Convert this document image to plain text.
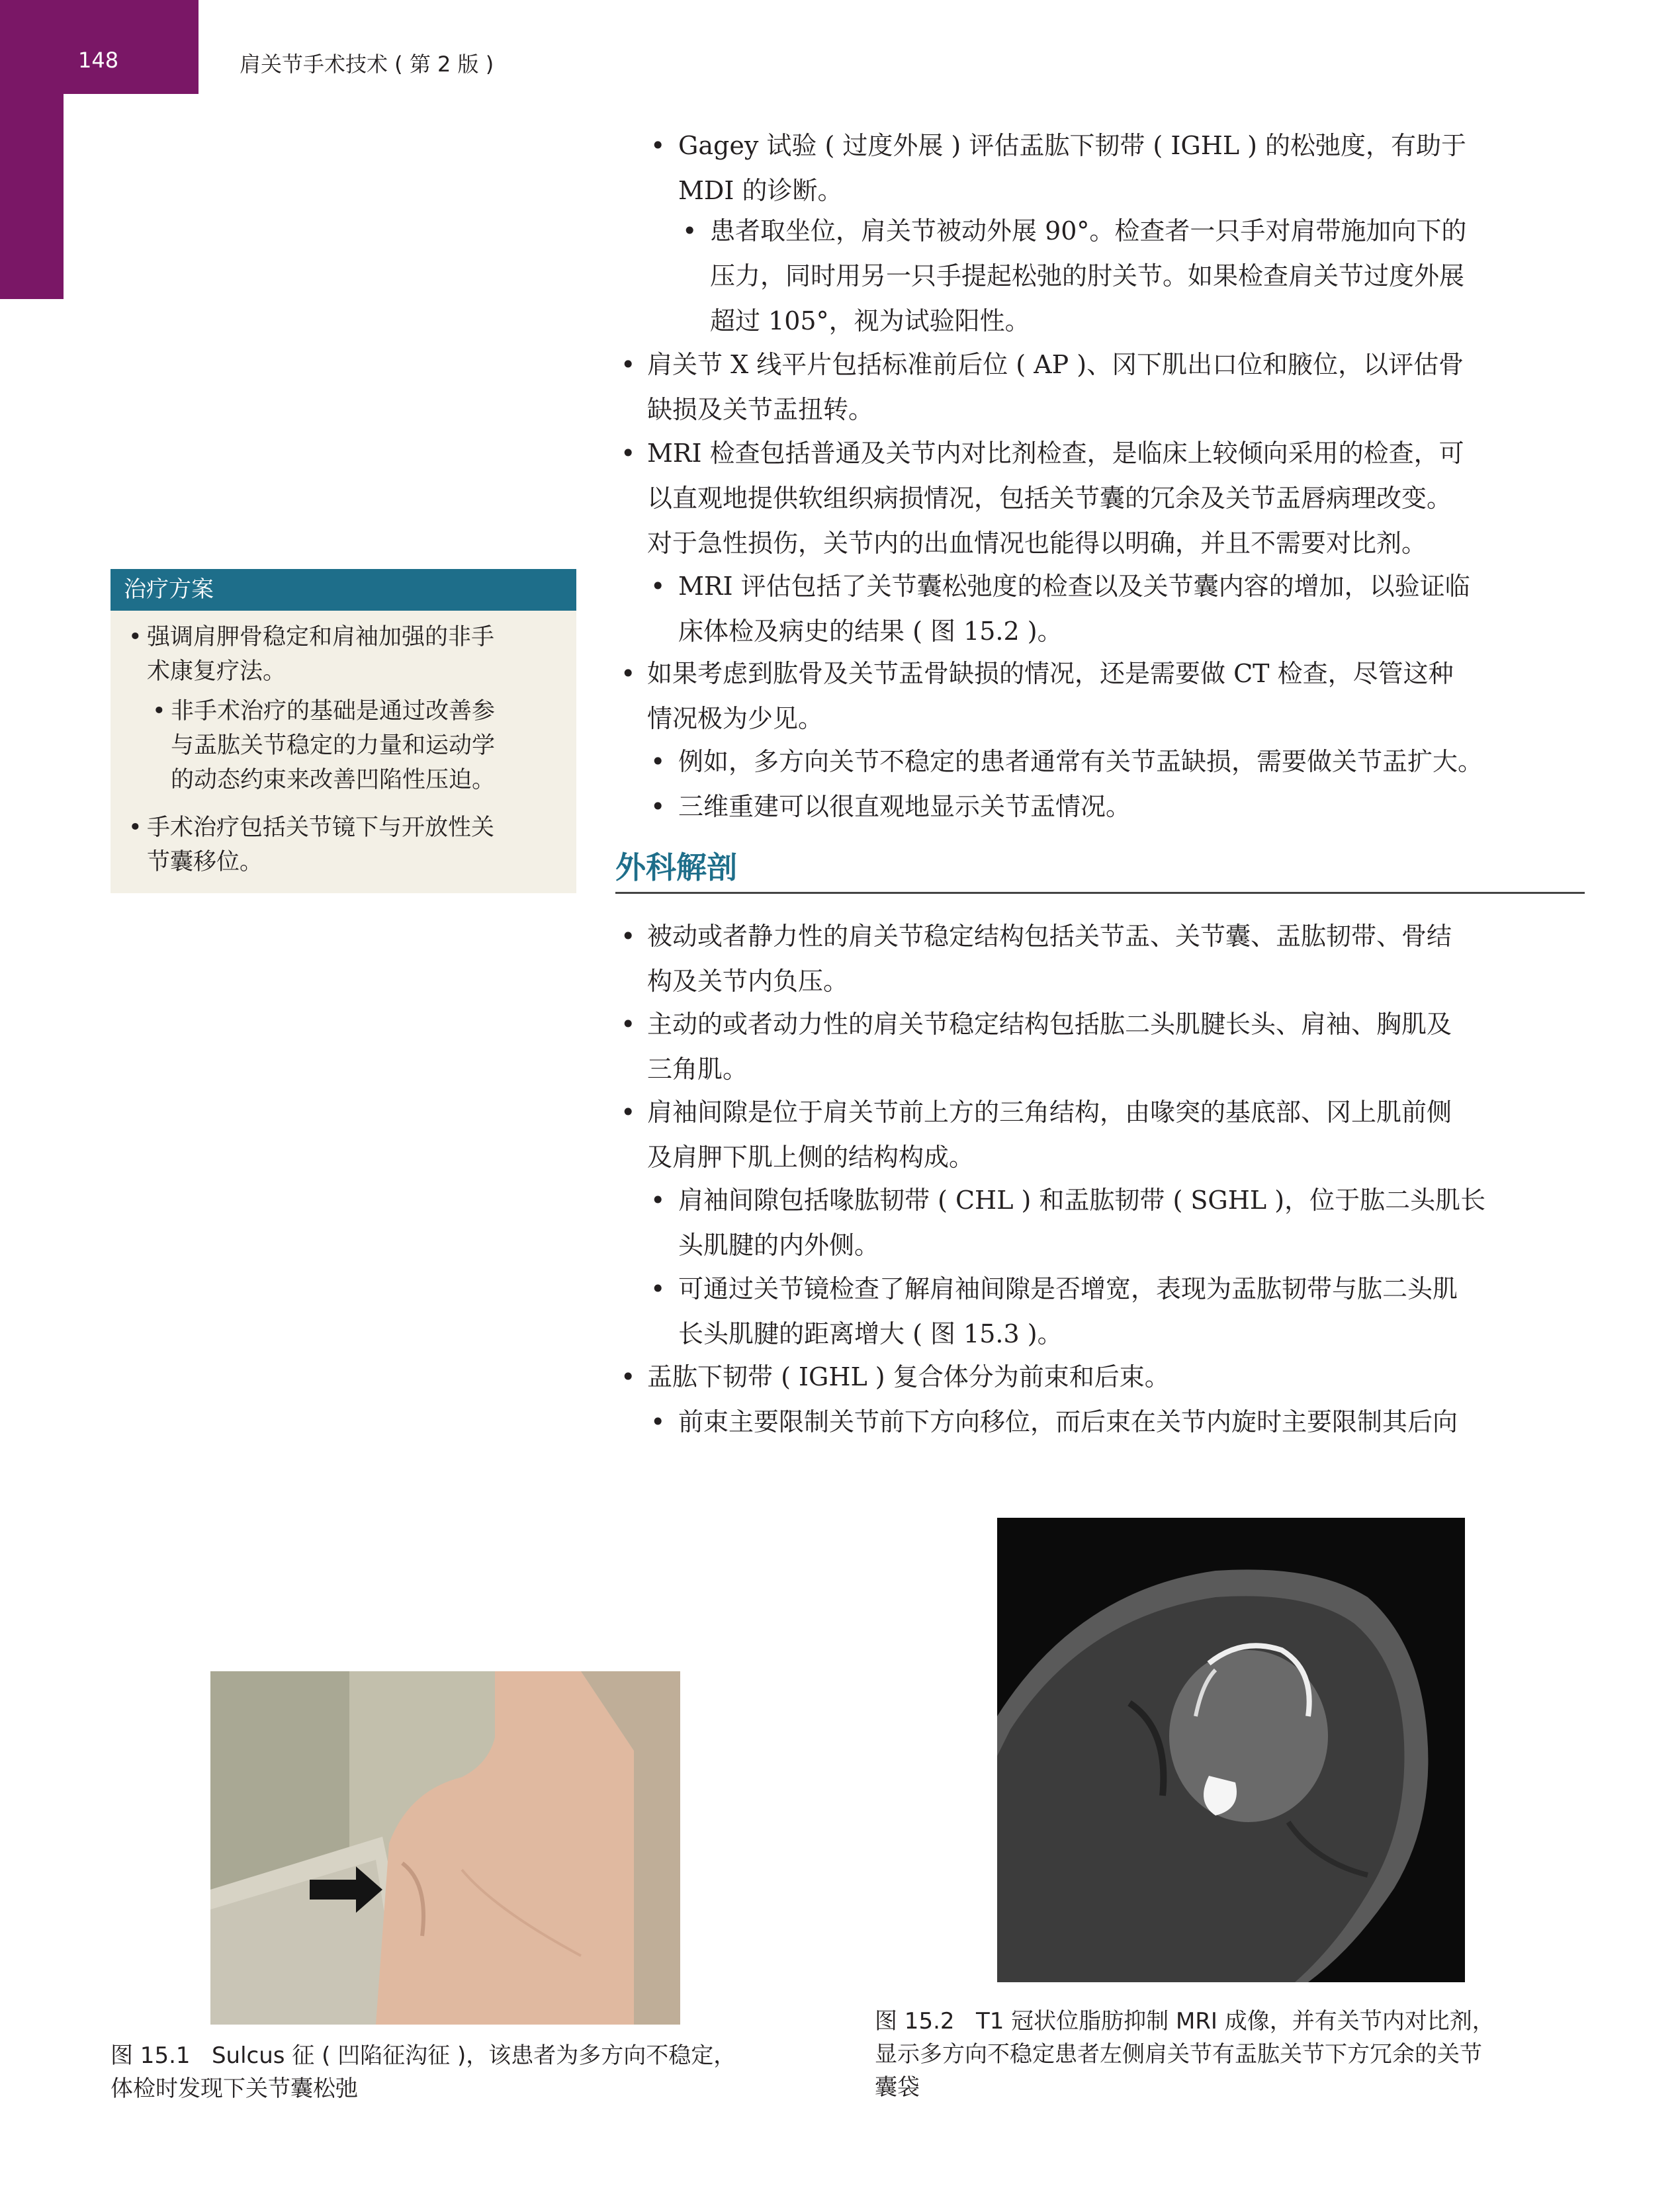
148	肩关节手术技术 ( 第 2 版 )
治疗方案
• 强调肩胛骨稳定和肩袖加强的非手
术康复疗法。
• 非手术治疗的基础是通过改善参
与盂肱关节稳定的力量和运动学
的动态约束来改善凹陷性压迫。
• 手术治疗包括关节镜下与开放性关
节囊移位。
• Gagey 试验 ( 过度外展 ) 评估盂肱下韧带 ( IGHL ) 的松弛度，有助于
MDI 的诊断。
• 患者取坐位，肩关节被动外展 90°。检查者一只手对肩带施加向下的
压力，同时用另一只手提起松弛的肘关节。如果检查肩关节过度外展
超过 105°，视为试验阳性。
• 肩关节 X 线平片包括标准前后位 ( AP )、冈下肌出口位和腋位，以评估骨
缺损及关节盂扭转。
• MRI 检查包括普通及关节内对比剂检查，是临床上较倾向采用的检查，可
以直观地提供软组织病损情况，包括关节囊的冗余及关节盂唇病理改变。
对于急性损伤，关节内的出血情况也能得以明确，并且不需要对比剂。
• MRI 评估包括了关节囊松弛度的检查以及关节囊内容的增加，以验证临
床体检及病史的结果 ( 图 15.2 )。
• 如果考虑到肱骨及关节盂骨缺损的情况，还是需要做 CT 检查，尽管这种
情况极为少见。
• 例如，多方向关节不稳定的患者通常有关节盂缺损，需要做关节盂扩大。
• 三维重建可以很直观地显示关节盂情况。
外科解剖
• 被动或者静力性的肩关节稳定结构包括关节盂、关节囊、盂肱韧带、骨结
构及关节内负压。
• 主动的或者动力性的肩关节稳定结构包括肱二头肌腱长头、肩袖、胸肌及
三角肌。
• 肩袖间隙是位于肩关节前上方的三角结构，由喙突的基底部、冈上肌前侧
及肩胛下肌上侧的结构构成。
• 肩袖间隙包括喙肱韧带 ( CHL ) 和盂肱韧带 ( SGHL )，位于肱二头肌长
头肌腱的内外侧。
• 可通过关节镜检查了解肩袖间隙是否增宽，表现为盂肱韧带与肱二头肌
长头肌腱的距离增大 ( 图 15.3 )。
• 盂肱下韧带 ( IGHL ) 复合体分为前束和后束。
• 前束主要限制关节前下方向移位，而后束在关节内旋时主要限制其后向
图 15.1 Sulcus 征 ( 凹陷征沟征 )，该患者为多方向不稳定，
体检时发现下关节囊松弛
图 15.2 T1 冠状位脂肪抑制 MRI 成像，并有关节内对比剂，
显示多方向不稳定患者左侧肩关节有盂肱关节下方冗余的关节
囊袋
